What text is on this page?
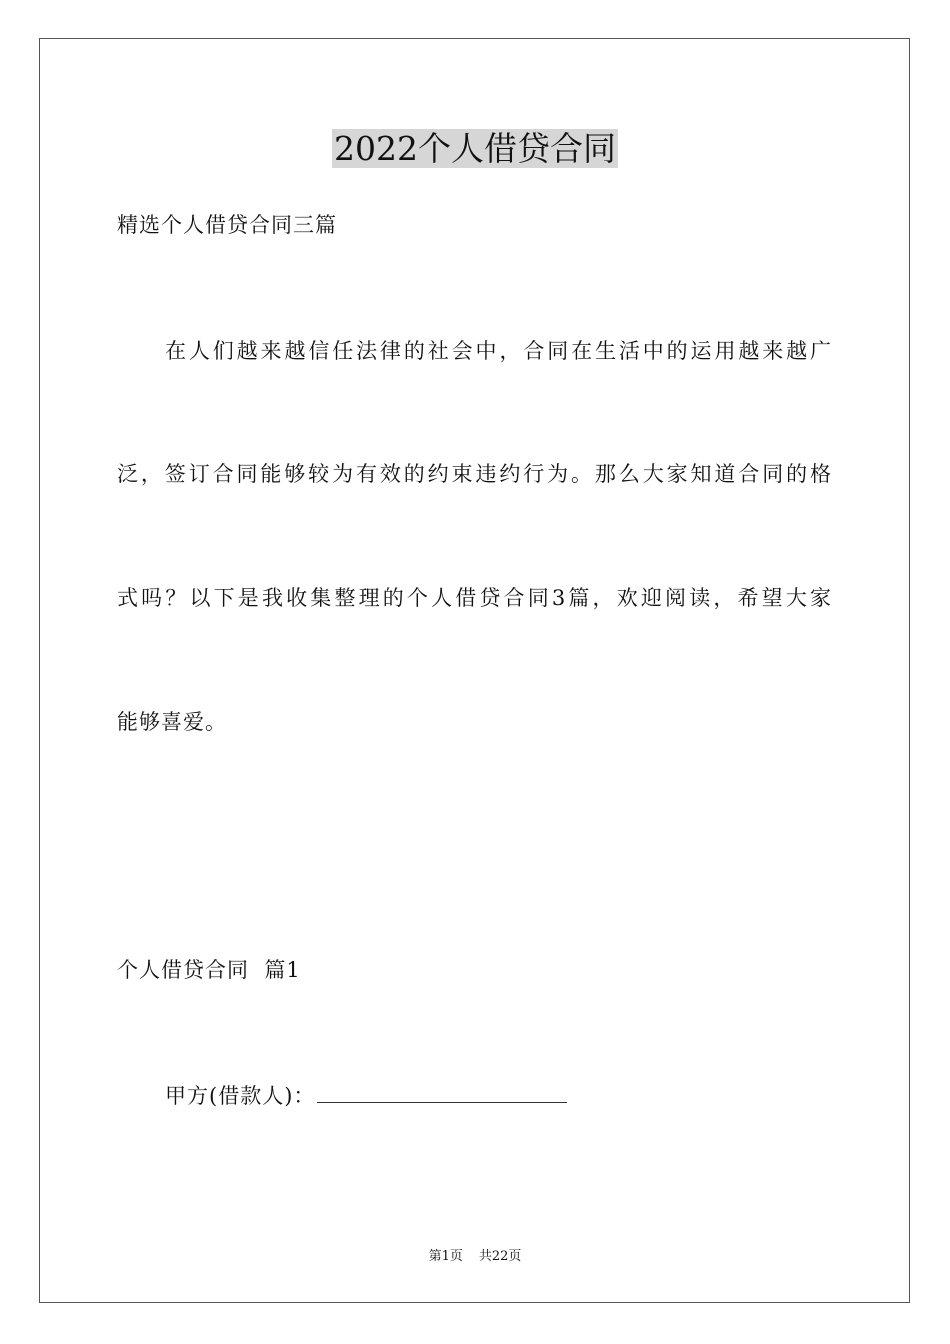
2022个人借贷合同
精选个人借贷合同三篇
在人们越来越信任法律的社会中，合同在生活中的运用越来越广
泛，签订合同能够较为有效的约束违约行为。那么大家知道合同的格
式吗？以下是我收集整理的个人借贷合同3篇，欢迎阅读，希望大家
能够喜爱。
个人借贷合同  篇1
甲方(借款人)：
第1页 共22页
